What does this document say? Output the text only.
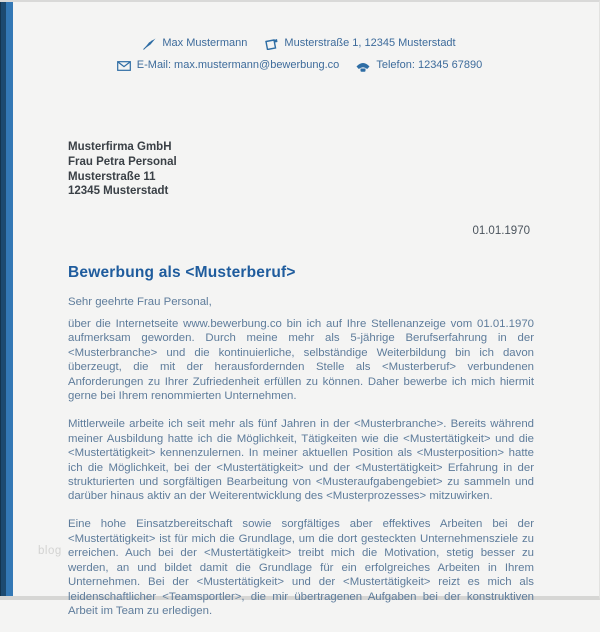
Max Mustermann	Musterstraße 1, 12345 Musterstadt
E-Mail: max.mustermann@bewerbung.co	Telefon: 12345 67890
Musterfirma GmbH
Frau Petra Personal
Musterstraße 11
12345 Musterstadt
01.01.1970
Bewerbung als <Musterberuf>

Sehr geehrte Frau Personal,

über die Internetseite www.bewerbung.co bin ich auf Ihre Stellenanzeige vom 01.01.1970 aufmerksam geworden. Durch meine mehr als 5-jährige Berufserfahrung in der <Musterbranche> und die kontinuierliche, selbständige Weiterbildung bin ich davon überzeugt, die mit der herausfordernden Stelle als <Musterberuf> verbundenen Anforderungen zu Ihrer Zufriedenheit erfüllen zu können. Daher bewerbe ich mich hiermit gerne bei Ihrem renommierten Unternehmen.

Mittlerweile arbeite ich seit mehr als fünf Jahren in der <Musterbranche>. Bereits während meiner Ausbildung hatte ich die Möglichkeit, Tätigkeiten wie die <Mustertätigkeit> und die <Mustertätigkeit> kennenzulernen. In meiner aktuellen Position als <Musterposition> hatte ich die Möglichkeit, bei der <Mustertätigkeit> und der <Mustertätigkeit> Erfahrung in der strukturierten und sorgfältigen Bearbeitung von <Musteraufgabengebiet> zu sammeln und darüber hinaus aktiv an der Weiterentwicklung des <Musterprozesses> mitzuwirken.

Eine hohe Einsatzbereitschaft sowie sorgfältiges aber effektives Arbeiten bei der <Mustertätigkeit> ist für mich die Grundlage, um die dort gesteckten Unternehmensziele zu erreichen. Auch bei der <Mustertätigkeit> treibt mich die Motivation, stetig besser zu werden, an und bildet damit die Grundlage für ein erfolgreiches Arbeiten in Ihrem Unternehmen. Bei der <Mustertätigkeit> und der <Mustertätigkeit> reizt es mich als leidenschaftlicher <Teamsportler>, die mir übertragenen Aufgaben bei der konstruktiven Arbeit im Team zu erledigen.

blog
